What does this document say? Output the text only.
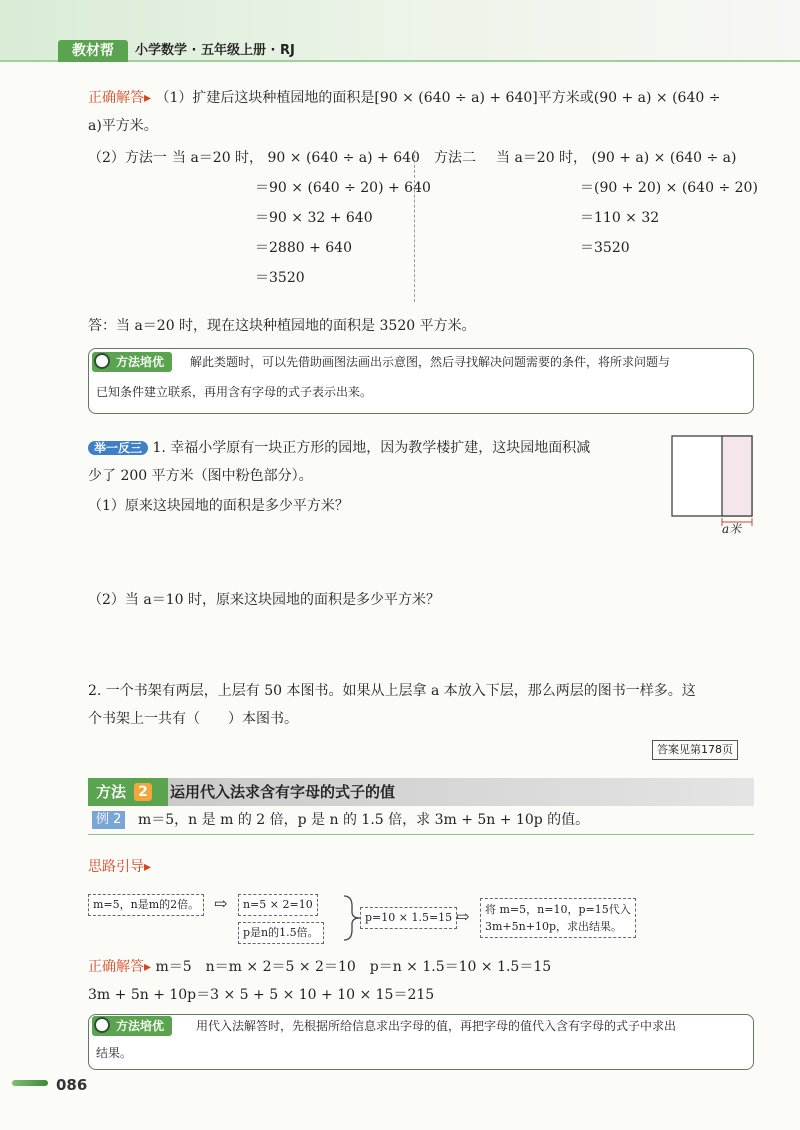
教材帮	小学数学 · 五年级上册 · RJ
正确解答▸ （1）扩建后这块种植园地的面积是[90 × (640 ÷ a) + 640]平方米或(90 + a) × (640 ÷
a)平方米。
（2）方法一 当 a＝20 时， 90 × (640 ÷ a) + 640
＝90 × (640 ÷ 20) + 640
＝90 × 32 + 640
＝2880 + 640
＝3520
方法二 当 a＝20 时， (90 + a) × (640 ÷ a)
＝(90 + 20) × (640 ÷ 20)
＝110 × 32
＝3520
答：当 a＝20 时，现在这块种植园地的面积是 3520 平方米。
方法培优	解此类题时，可以先借助画图法画出示意图，然后寻找解决问题需要的条件，将所求问题与
已知条件建立联系，再用含有字母的式子表示出来。
举一反三 1. 幸福小学原有一块正方形的园地，因为教学楼扩建，这块园地面积减
少了 200 平方米（图中粉色部分）。
（1）原来这块园地的面积是多少平方米？
（2）当 a＝10 时，原来这块园地的面积是多少平方米？
a米
2. 一个书架有两层，上层有 50 本图书。如果从上层拿 a 本放入下层，那么两层的图书一样多。这
个书架上一共有（　　）本图书。
答案见第178页
方法 2 运用代入法求含有字母的式子的值
例 2 m＝5，n 是 m 的 2 倍，p 是 n 的 1.5 倍，求 3m + 5n + 10p 的值。
思路引导▸
m=5，n是m的2倍。 ⇨	n=5 × 2=10
p是n的1.5倍。
p=10 × 1.5=15 ⇨ 将 m=5，n=10，p=15代入
3m+5n+10p，求出结果。
正确解答▸ m＝5　n＝m × 2＝5 × 2＝10　p＝n × 1.5＝10 × 1.5＝15
3m + 5n + 10p＝3 × 5 + 5 × 10 + 10 × 15＝215
方法培优	用代入法解答时，先根据所给信息求出字母的值，再把字母的值代入含有字母的式子中求出
结果。
086
